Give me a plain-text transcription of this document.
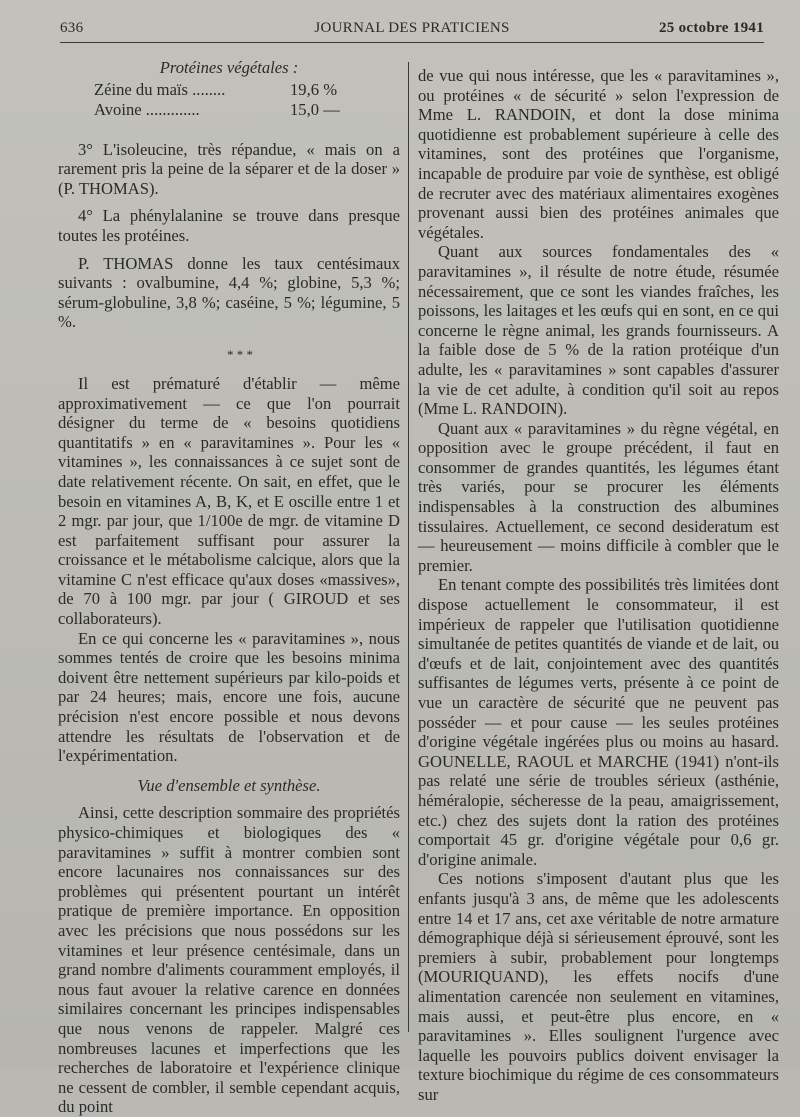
636	JOURNAL DES PRATICIENS	25 octobre 1941

Protéines végétales :

Zéine du maïs ........	19,6 %
Avoine .............	15,0 —

3° L'isoleucine, très répandue, « mais on a rarement pris la peine de la séparer et de la doser » (P. THOMAS).

4° La phénylalanine se trouve dans presque toutes les protéines.

P. THOMAS donne les taux centésimaux suivants : ovalbumine, 4,4 %; globine, 5,3 %; sérum-globuline, 3,8 %; caséine, 5 %; légumine, 5 %.

* * *

Il est prématuré d'établir — même approximativement — ce que l'on pourrait désigner du terme de « besoins quotidiens quantitatifs » en « paravitamines ». Pour les « vitamines », les connaissances à ce sujet sont de date relativement récente. On sait, en effet, que le besoin en vitamines A, B, K, et E oscille entre 1 et 2 mgr. par jour, que 1/100e de mgr. de vitamine D est parfaitement suffisant pour assurer la croissance et le métabolisme calcique, alors que la vitamine C n'est efficace qu'aux doses «massives», de 70 à 100 mgr. par jour ( GIROUD et ses collaborateurs).

En ce qui concerne les « paravitamines », nous sommes tentés de croire que les besoins minima doivent être nettement supérieurs par kilo-poids et par 24 heures; mais, encore une fois, aucune précision n'est encore possible et nous devons attendre les résultats de l'observation et de l'expérimentation.

Vue d'ensemble et synthèse.

Ainsi, cette description sommaire des propriétés physico-chimiques et biologiques des « paravitamines » suffit à montrer combien sont encore lacunaires nos connaissances sur des problèmes qui présentent pourtant un intérêt pratique de première importance. En opposition avec les précisions que nous possédons sur les vitamines et leur présence centésimale, dans un grand nombre d'aliments couramment employés, il nous faut avouer la relative carence en données similaires concernant les principes indispensables que nous venons de rappeler. Malgré ces nombreuses lacunes et imperfections que les recherches de laboratoire et l'expérience clinique ne cessent de combler, il semble cependant acquis, du point

de vue qui nous intéresse, que les « paravitamines », ou protéines « de sécurité » selon l'expression de Mme L. RANDOIN, et dont la dose minima quotidienne est probablement supérieure à celle des vitamines, sont des protéines que l'organisme, incapable de produire par voie de synthèse, est obligé de recruter avec des matériaux alimentaires exogènes provenant aussi bien des protéines animales que végétales.

Quant aux sources fondamentales des « paravitamines », il résulte de notre étude, résumée nécessairement, que ce sont les viandes fraîches, les poissons, les laitages et les œufs qui en sont, en ce qui concerne le règne animal, les grands fournisseurs. A la faible dose de 5 % de la ration protéique d'un adulte, les « paravitamines » sont capables d'assurer la vie de cet adulte, à condition qu'il soit au repos (Mme L. RANDOIN).

Quant aux « paravitamines » du règne végétal, en opposition avec le groupe précédent, il faut en consommer de grandes quantités, les légumes étant très variés, pour se procurer les éléments indispensables à la construction des albumines tissulaires. Actuellement, ce second desideratum est — heureusement — moins difficile à combler que le premier.

En tenant compte des possibilités très limitées dont dispose actuellement le consommateur, il est impérieux de rappeler que l'utilisation quotidienne simultanée de petites quantités de viande et de lait, ou d'œufs et de lait, conjointement avec des quantités suffisantes de légumes verts, présente à ce point de vue un caractère de sécurité que ne peuvent pas posséder — et pour cause — les seules protéines d'origine végétale ingérées plus ou moins au hasard. GOUNELLE, RAOUL et MARCHE (1941) n'ont-ils pas relaté une série de troubles sérieux (asthénie, héméralopie, sécheresse de la peau, amaigrissement, etc.) chez des sujets dont la ration des protéines comportait 45 gr. d'origine végétale pour 0,6 gr. d'origine animale.

Ces notions s'imposent d'autant plus que les enfants jusqu'à 3 ans, de même que les adolescents entre 14 et 17 ans, cet axe véritable de notre armature démographique déjà si sérieusement éprouvé, sont les premiers à subir, probablement pour longtemps (MOURIQUAND), les effets nocifs d'une alimentation carencée non seulement en vitamines, mais aussi, et peut-être plus encore, en « paravitamines ». Elles soulignent l'urgence avec laquelle les pouvoirs publics doivent envisager la texture biochimique du régime de ces consommateurs sur
